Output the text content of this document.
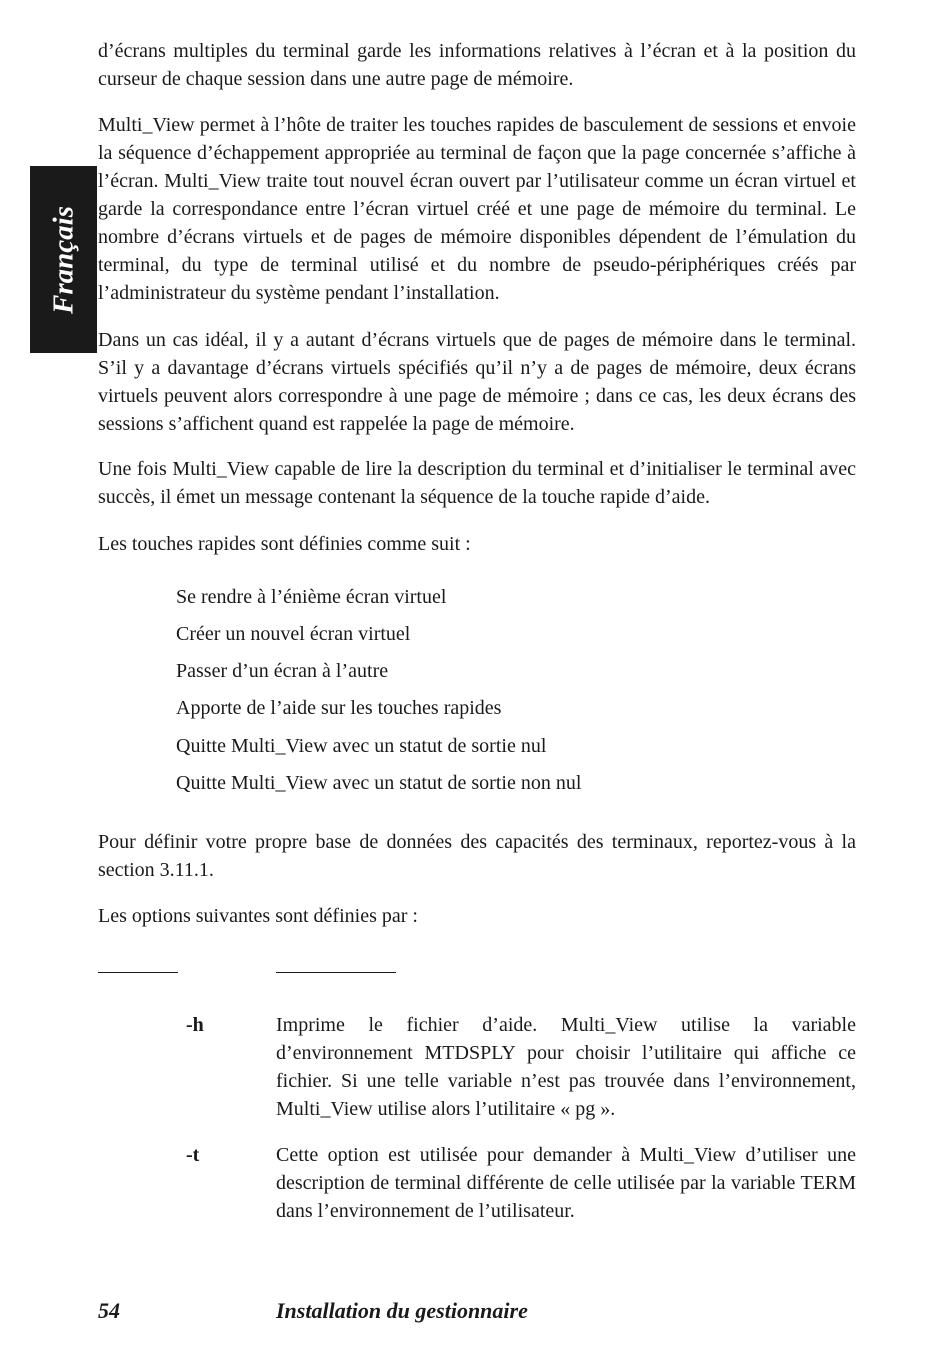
Français

d’écrans multiples du terminal garde les informations relatives à l’écran et à la position du curseur de chaque session dans une autre page de mémoire.

Multi_View permet à l’hôte de traiter les touches rapides de basculement de sessions et envoie la séquence d’échappement appropriée au terminal de façon que la page concernée s’affiche à l’écran. Multi_View traite tout nouvel écran ouvert par l’utilisateur comme un écran virtuel et garde la correspondance entre l’écran virtuel créé et une page de mémoire du terminal. Le nombre d’écrans virtuels et de pages de mémoire disponibles dépendent de l’émulation du terminal, du type de terminal utilisé et du nombre de pseudo-périphériques créés par l’administrateur du système pendant l’installation.

Dans un cas idéal, il y a autant d’écrans virtuels que de pages de mémoire dans le terminal. S’il y a davantage d’écrans virtuels spécifiés qu’il n’y a de pages de mémoire, deux écrans virtuels peuvent alors correspondre à une page de mémoire ; dans ce cas, les deux écrans des sessions s’affichent quand est rappelée la page de mémoire.

Une fois Multi_View capable de lire la description du terminal et d’initialiser le terminal avec succès, il émet un message contenant la séquence de la touche rapide d’aide.

Les touches rapides sont définies comme suit :

Se rendre à l’énième écran virtuel

Créer un nouvel écran virtuel

Passer d’un écran à l’autre

Apporte de l’aide sur les touches rapides

Quitte Multi_View avec un statut de sortie nul

Quitte Multi_View avec un statut de sortie non nul

Pour définir votre propre base de données des capacités des terminaux, reportez-vous à la section 3.11.1.

Les options suivantes sont définies par :

-h	Imprime le fichier d’aide. Multi_View utilise la variable d’environnement MTDSPLY pour choisir l’utilitaire qui affiche ce fichier. Si une telle variable n’est pas trouvée dans l’environnement, Multi_View utilise alors l’utilitaire « pg ».

-t	Cette option est utilisée pour demander à Multi_View d’utiliser une description de terminal différente de celle utilisée par la variable TERM dans l’environnement de l’utilisateur.

54	Installation du gestionnaire
